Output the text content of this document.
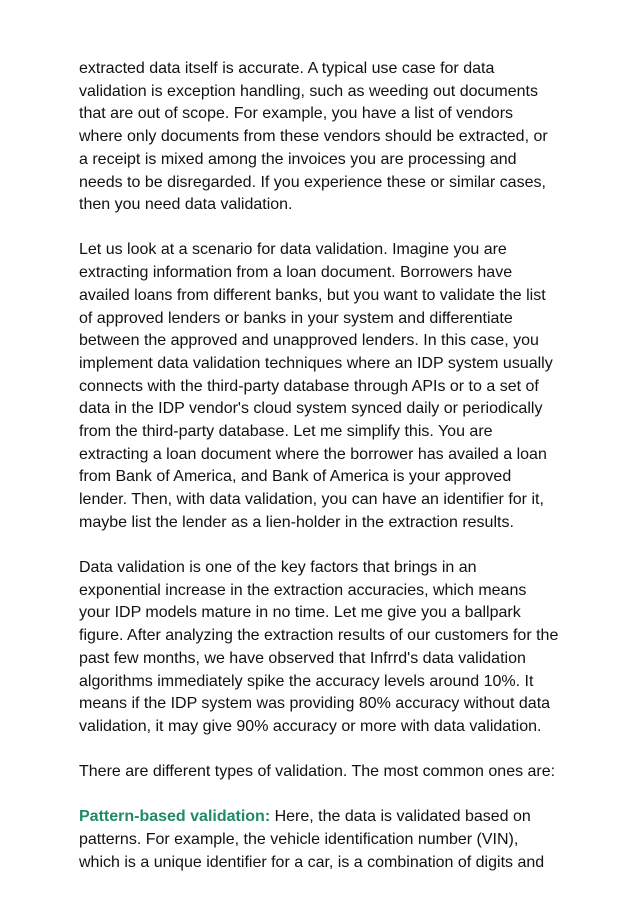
extracted data itself is accurate. A typical use case for data
validation is exception handling, such as weeding out documents
that are out of scope. For example, you have a list of vendors
where only documents from these vendors should be extracted, or
a receipt is mixed among the invoices you are processing and
needs to be disregarded. If you experience these or similar cases,
then you need data validation.

Let us look at a scenario for data validation. Imagine you are
extracting information from a loan document. Borrowers have
availed loans from different banks, but you want to validate the list
of approved lenders or banks in your system and differentiate
between the approved and unapproved lenders. In this case, you
implement data validation techniques where an IDP system usually
connects with the third-party database through APIs or to a set of
data in the IDP vendor's cloud system synced daily or periodically
from the third-party database. Let me simplify this. You are
extracting a loan document where the borrower has availed a loan
from Bank of America, and Bank of America is your approved
lender. Then, with data validation, you can have an identifier for it,
maybe list the lender as a lien-holder in the extraction results.

Data validation is one of the key factors that brings in an
exponential increase in the extraction accuracies, which means
your IDP models mature in no time. Let me give you a ballpark
figure. After analyzing the extraction results of our customers for the
past few months, we have observed that Infrrd's data validation
algorithms immediately spike the accuracy levels around 10%. It
means if the IDP system was providing 80% accuracy without data
validation, it may give 90% accuracy or more with data validation.

There are different types of validation. The most common ones are:

Pattern-based validation: Here, the data is validated based on
patterns. For example, the vehicle identification number (VIN),
which is a unique identifier for a car, is a combination of digits and
